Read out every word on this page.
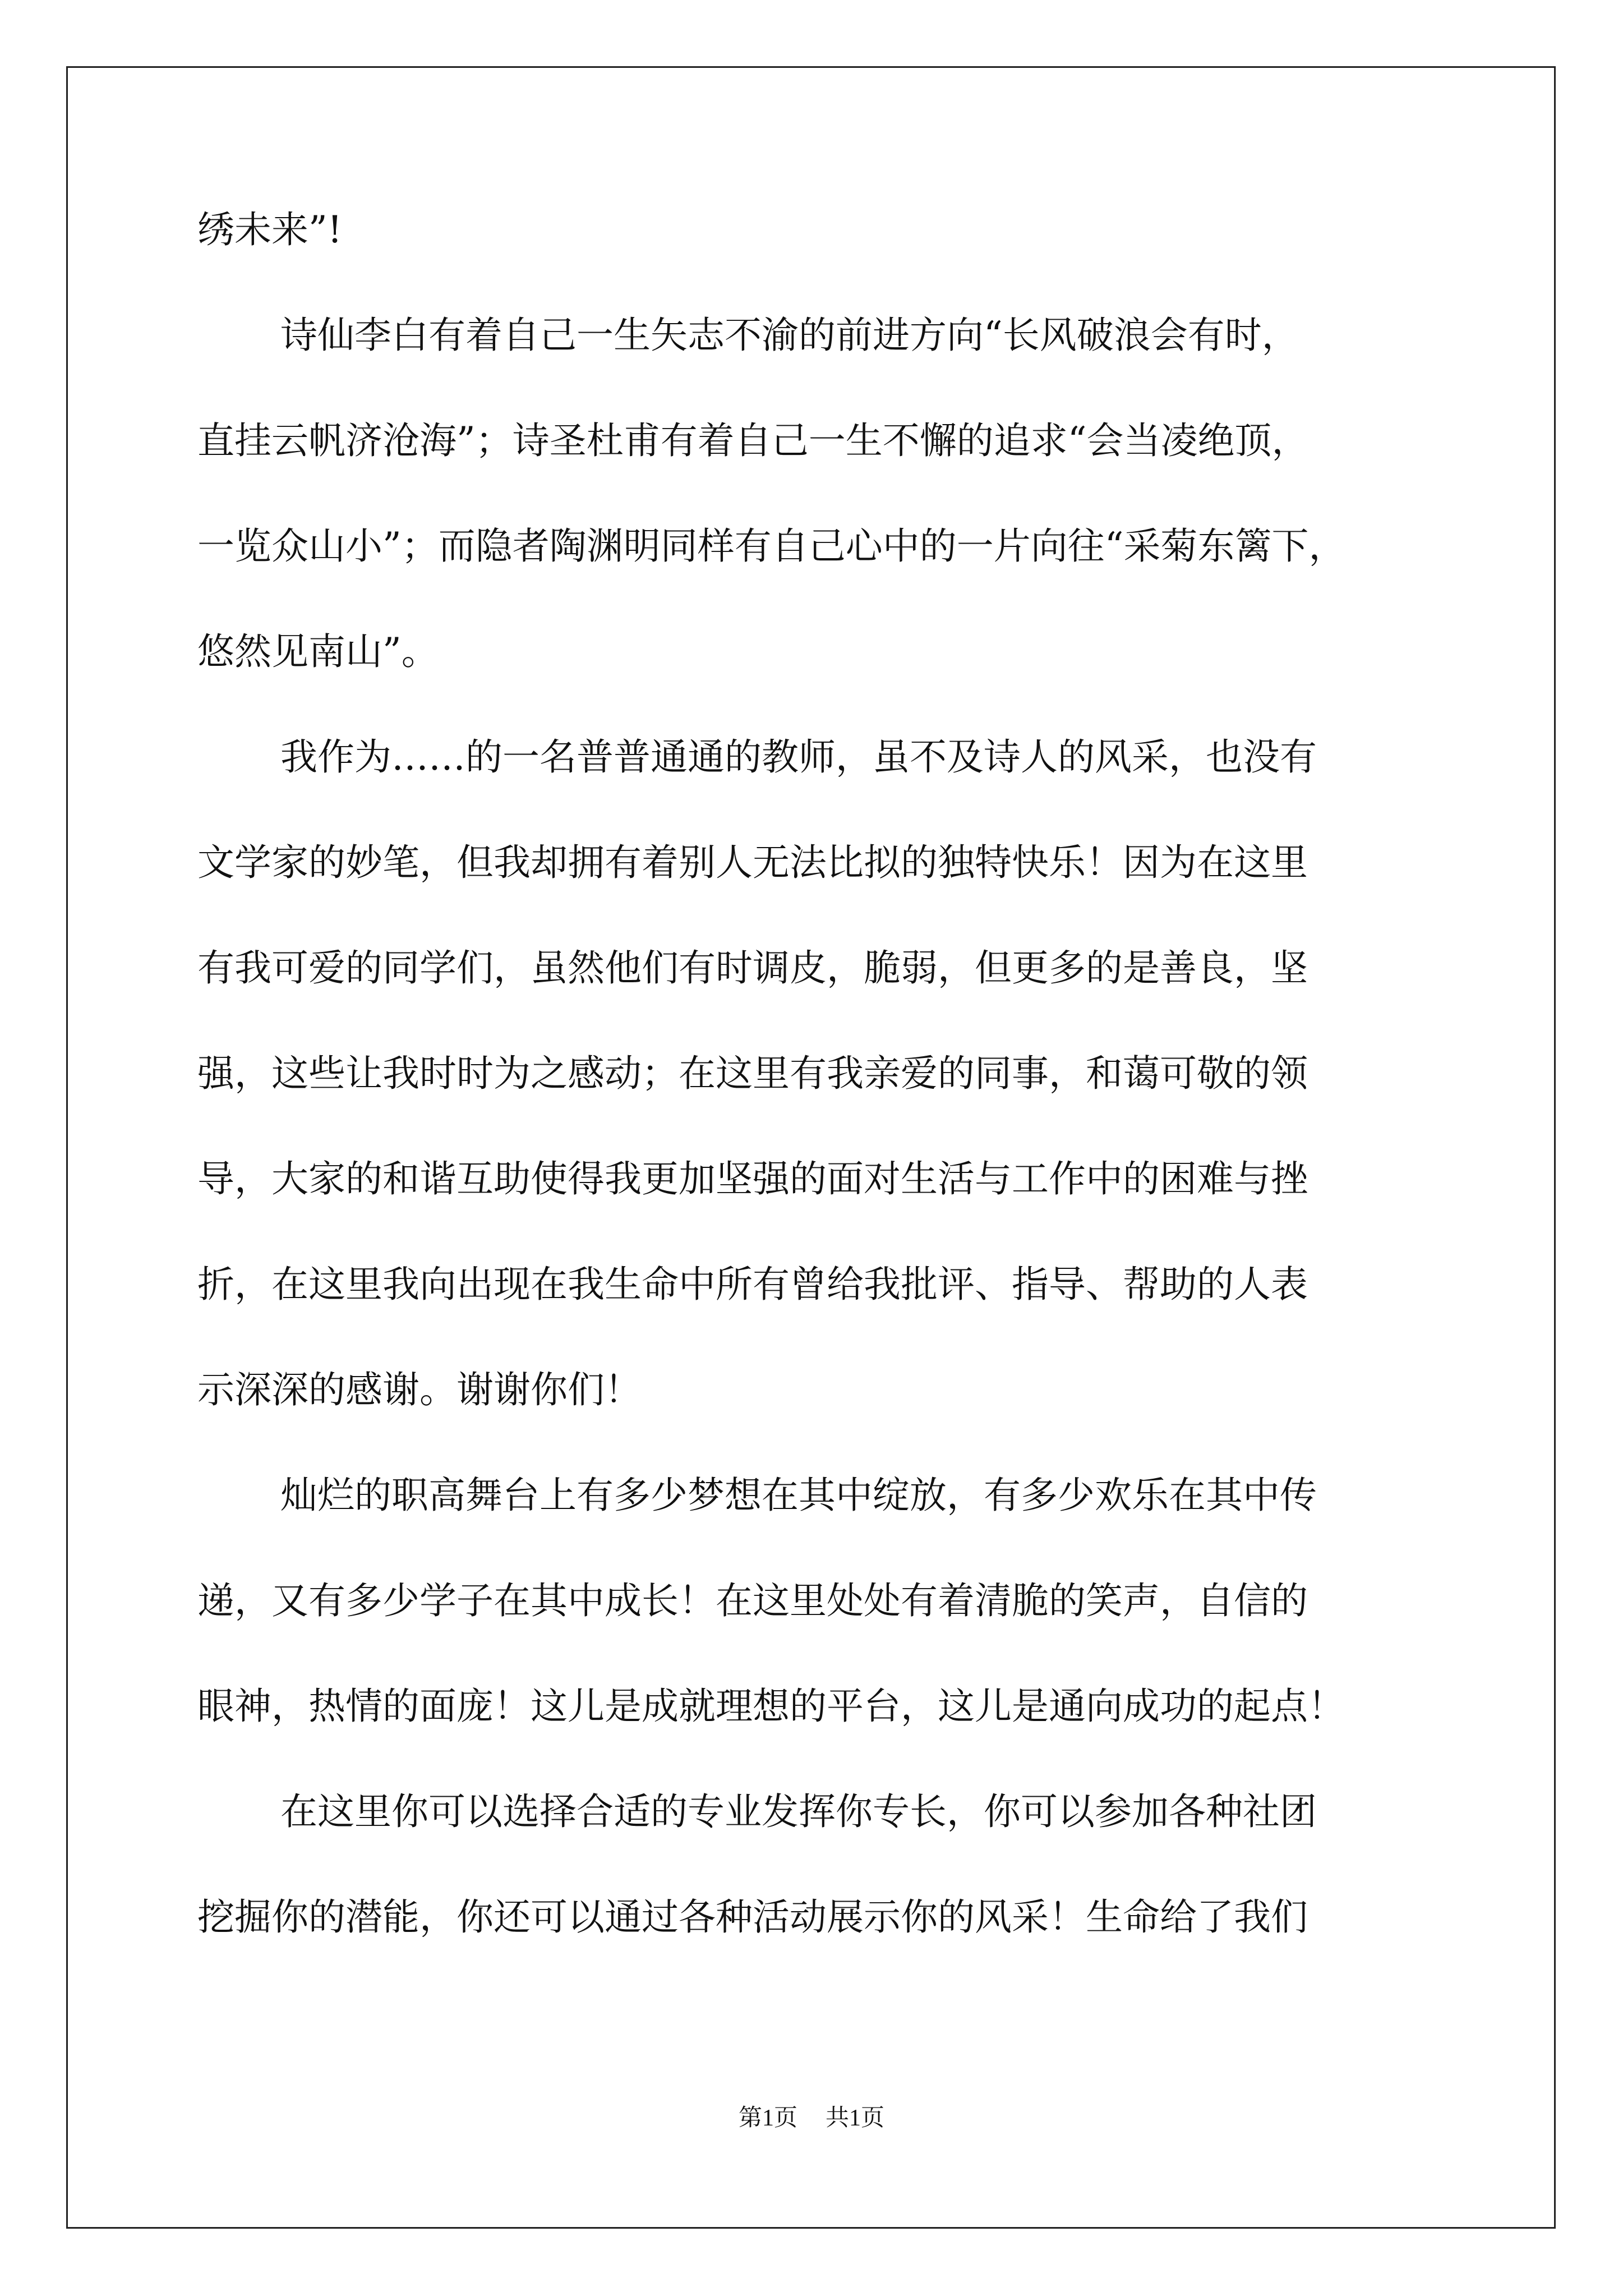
绣未来”!
诗仙李白有着自己一生矢志不渝的前进方向“长风破浪会有时，
直挂云帆济沧海”；诗圣杜甫有着自己一生不懈的追求“会当凌绝顶，
一览众山小”；而隐者陶渊明同样有自己心中的一片向往“采菊东篱下，
悠然见南山”。
我作为……的一名普普通通的教师，虽不及诗人的风采，也没有
文学家的妙笔，但我却拥有着别人无法比拟的独特快乐！因为在这里
有我可爱的同学们，虽然他们有时调皮，脆弱，但更多的是善良，坚
强，这些让我时时为之感动；在这里有我亲爱的同事，和蔼可敬的领
导，大家的和谐互助使得我更加坚强的面对生活与工作中的困难与挫
折，在这里我向出现在我生命中所有曾给我批评、指导、帮助的人表
示深深的感谢。谢谢你们！
灿烂的职高舞台上有多少梦想在其中绽放，有多少欢乐在其中传
递，又有多少学子在其中成长！在这里处处有着清脆的笑声，自信的
眼神，热情的面庞！这儿是成就理想的平台，这儿是通向成功的起点！
在这里你可以选择合适的专业发挥你专长，你可以参加各种社团
挖掘你的潜能，你还可以通过各种活动展示你的风采！生命给了我们
第1页 共1页
